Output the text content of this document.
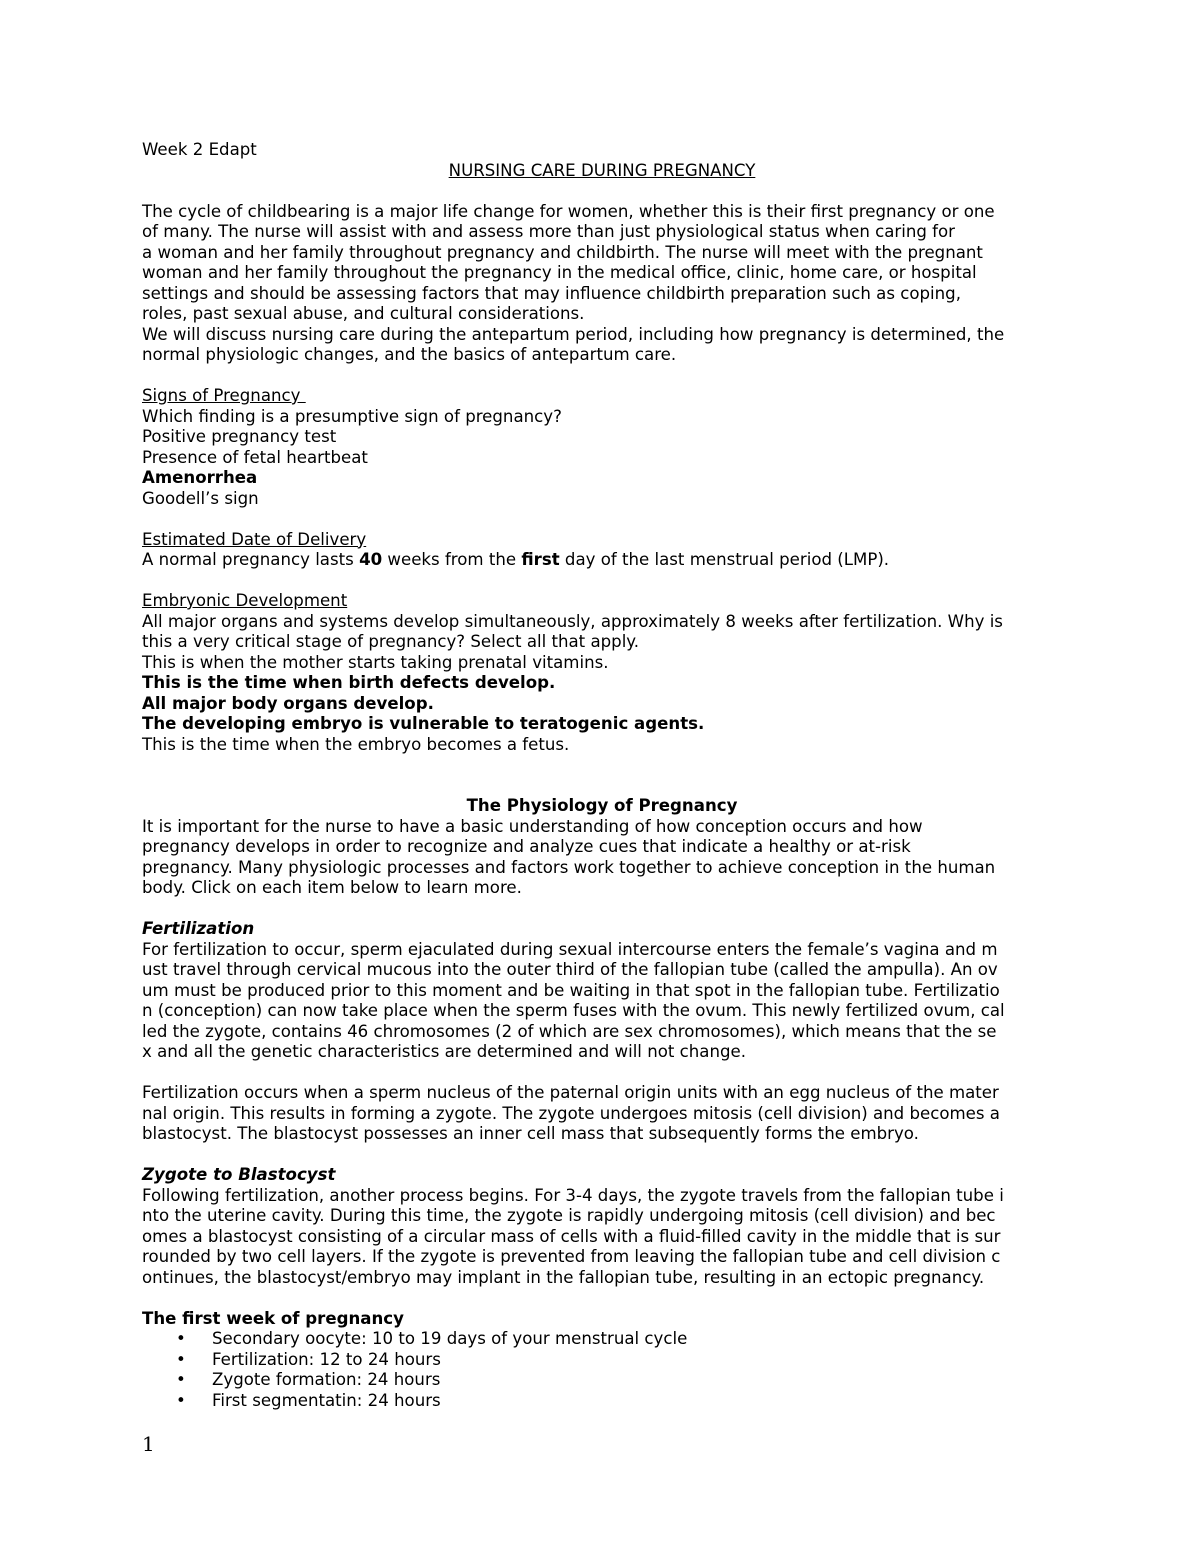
Week 2 Edapt

NURSING CARE DURING PREGNANCY

The cycle of childbearing is a major life change for women, whether this is their first pregnancy or one

of many. The nurse will assist with and assess more than just physiological status when caring for

a woman and her family throughout pregnancy and childbirth. The nurse will meet with the pregnant

woman and her family throughout the pregnancy in the medical office, clinic, home care, or hospital

settings and should be assessing factors that may influence childbirth preparation such as coping,

roles, past sexual abuse, and cultural considerations.

We will discuss nursing care during the antepartum period, including how pregnancy is determined, the

normal physiologic changes, and the basics of antepartum care.

Signs of Pregnancy

Which finding is a presumptive sign of pregnancy?

Positive pregnancy test

Presence of fetal heartbeat

Amenorrhea

Goodell’s sign

Estimated Date of Delivery

A normal pregnancy lasts 40 weeks from the first day of the last menstrual period (LMP).

Embryonic Development

All major organs and systems develop simultaneously, approximately 8 weeks after fertilization. Why is

this a very critical stage of pregnancy? Select all that apply.

This is when the mother starts taking prenatal vitamins.

This is the time when birth defects develop.

All major body organs develop.

The developing embryo is vulnerable to teratogenic agents.

This is the time when the embryo becomes a fetus.

The Physiology of Pregnancy

It is important for the nurse to have a basic understanding of how conception occurs and how

pregnancy develops in order to recognize and analyze cues that indicate a healthy or at-risk

pregnancy. Many physiologic processes and factors work together to achieve conception in the human

body. Click on each item below to learn more.

Fertilization

For fertilization to occur, sperm ejaculated during sexual intercourse enters the female’s vagina and m

ust travel through cervical mucous into the outer third of the fallopian tube (called the ampulla). An ov

um must be produced prior to this moment and be waiting in that spot in the fallopian tube. Fertilizatio

n (conception) can now take place when the sperm fuses with the ovum. This newly fertilized ovum, cal

led the zygote, contains 46 chromosomes (2 of which are sex chromosomes), which means that the se

x and all the genetic characteristics are determined and will not change.

Fertilization occurs when a sperm nucleus of the paternal origin units with an egg nucleus of the mater

nal origin. This results in forming a zygote. The zygote undergoes mitosis (cell division) and becomes a

blastocyst. The blastocyst possesses an inner cell mass that subsequently forms the embryo.

Zygote to Blastocyst

Following fertilization, another process begins. For 3-4 days, the zygote travels from the fallopian tube i

nto the uterine cavity. During this time, the zygote is rapidly undergoing mitosis (cell division) and bec

omes a blastocyst consisting of a circular mass of cells with a fluid-filled cavity in the middle that is sur

rounded by two cell layers. If the zygote is prevented from leaving the fallopian tube and cell division c

ontinues, the blastocyst/embryo may implant in the fallopian tube, resulting in an ectopic pregnancy.

The first week of pregnancy

• Secondary oocyte: 10 to 19 days of your menstrual cycle
• Fertilization: 12 to 24 hours
• Zygote formation: 24 hours
• First segmentatin: 24 hours
1
